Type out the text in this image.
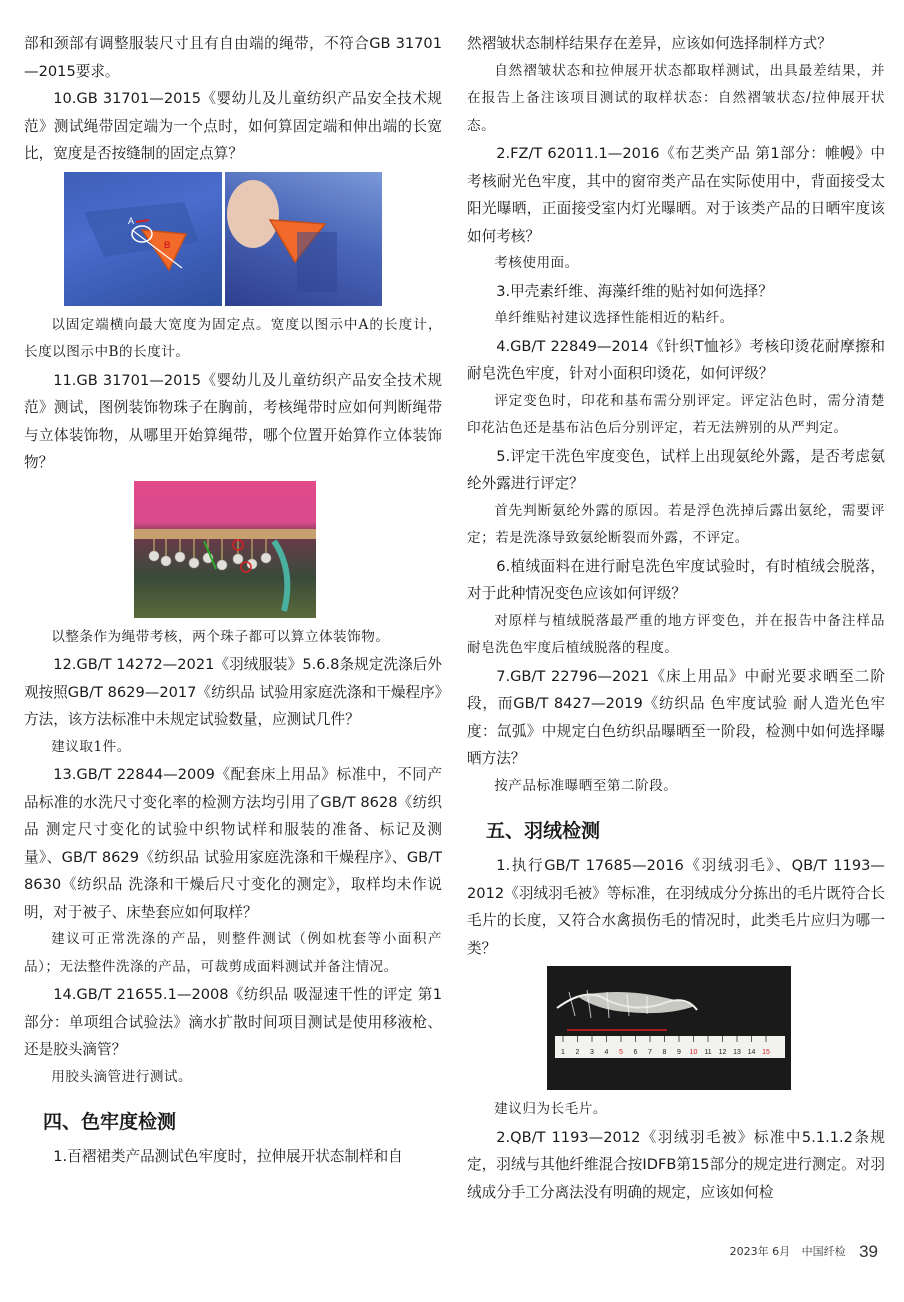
部和颈部有调整服装尺寸且有自由端的绳带，不符合GB 31701—2015要求。

10.GB 31701—2015《婴幼儿及儿童纺织产品安全技术规范》测试绳带固定端为一个点时，如何算固定端和伸出端的长宽比，宽度是否按缝制的固定点算？

A
B

以固定端横向最大宽度为固定点。宽度以图示中A的长度计，长度以图示中B的长度计。

11.GB 31701—2015《婴幼儿及儿童纺织产品安全技术规范》测试，图例装饰物珠子在胸前，考核绳带时应如何判断绳带与立体装饰物，从哪里开始算绳带，哪个位置开始算作立体装饰物？

以整条作为绳带考核，两个珠子都可以算立体装饰物。

12.GB/T 14272—2021《羽绒服装》5.6.8条规定洗涤后外观按照GB/T 8629—2017《纺织品 试验用家庭洗涤和干燥程序》方法，该方法标准中未规定试验数量，应测试几件？

建议取1件。

13.GB/T 22844—2009《配套床上用品》标准中，不同产品标准的水洗尺寸变化率的检测方法均引用了GB/T 8628《纺织品 测定尺寸变化的试验中织物试样和服装的准备、标记及测量》、GB/T 8629《纺织品 试验用家庭洗涤和干燥程序》、GB/T 8630《纺织品 洗涤和干燥后尺寸变化的测定》，取样均未作说明，对于被子、床垫套应如何取样？

建议可正常洗涤的产品，则整件测试（例如枕套等小面积产品）；无法整件洗涤的产品，可裁剪成面料测试并备注情况。

14.GB/T 21655.1—2008《纺织品 吸湿速干性的评定 第1部分：单项组合试验法》滴水扩散时间项目测试是使用移液枪、还是胶头滴管？

用胶头滴管进行测试。

四、色牢度检测

1.百褶裙类产品测试色牢度时，拉伸展开状态制样和自

然褶皱状态制样结果存在差异，应该如何选择制样方式？

自然褶皱状态和拉伸展开状态都取样测试，出具最差结果，并在报告上备注该项目测试的取样状态：自然褶皱状态/拉伸展开状态。

2.FZ/T 62011.1—2016《布艺类产品 第1部分：帷幔》中考核耐光色牢度，其中的窗帘类产品在实际使用中，背面接受太阳光曝晒，正面接受室内灯光曝晒。对于该类产品的日晒牢度该如何考核？

考核使用面。

3.甲壳素纤维、海藻纤维的贴衬如何选择？

单纤维贴衬建议选择性能相近的粘纤。

4.GB/T 22849—2014《针织T恤衫》考核印烫花耐摩擦和耐皂洗色牢度，针对小面积印烫花，如何评级？

评定变色时，印花和基布需分别评定。评定沾色时，需分清楚印花沾色还是基布沾色后分别评定，若无法辨别的从严判定。

5.评定干洗色牢度变色，试样上出现氨纶外露，是否考虑氨纶外露进行评定？

首先判断氨纶外露的原因。若是浮色洗掉后露出氨纶，需要评定；若是洗涤导致氨纶断裂而外露，不评定。

6.植绒面料在进行耐皂洗色牢度试验时，有时植绒会脱落，对于此种情况变色应该如何评级？

对原样与植绒脱落最严重的地方评变色，并在报告中备注样品耐皂洗色牢度后植绒脱落的程度。

7.GB/T 22796—2021《床上用品》中耐光要求晒至二阶段，而GB/T 8427—2019《纺织品 色牢度试验 耐人造光色牢度：氙弧》中规定白色纺织品曝晒至一阶段，检测中如何选择曝晒方法？

按产品标准曝晒至第二阶段。

五、羽绒检测

1.执行GB/T 17685—2016《羽绒羽毛》、QB/T 1193—2012《羽绒羽毛被》等标准，在羽绒成分分拣出的毛片既符合长毛片的长度，又符合水禽损伤毛的情况时，此类毛片应归为哪一类？

1 2 3 4 5 6 7 8 9 10 11 12 13 14 15

建议归为长毛片。

2.QB/T 1193—2012《羽绒羽毛被》标准中5.1.1.2条规定，羽绒与其他纤维混合按IDFB第15部分的规定进行测定。对羽绒成分手工分离法没有明确的规定，应该如何检

2023年 6月 中国纤检 39
